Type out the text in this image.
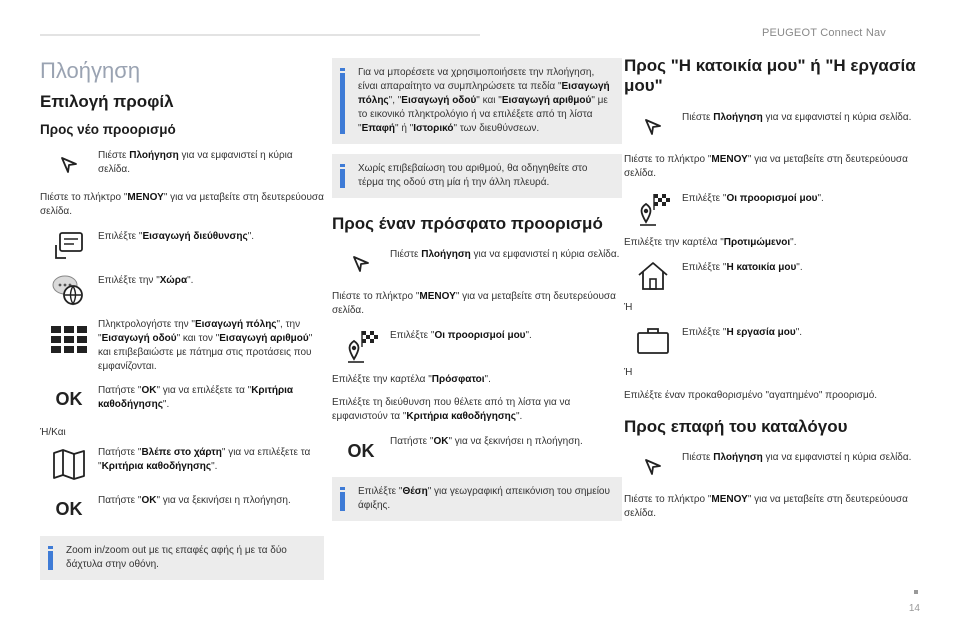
PEUGEOT Connect Nav
Πλοήγηση
Επιλογή προφίλ
Προς νέο προορισμό
Πιέστε Πλοήγηση για να εμφανιστεί η κύρια σελίδα.
Πιέστε το πλήκτρο "ΜΕΝΟΥ" για να μεταβείτε στη δευτερεύουσα σελίδα.
Επιλέξτε "Εισαγωγή διεύθυνσης".
Επιλέξτε την "Χώρα".
Πληκτρολογήστε την "Εισαγωγή πόλης", την "Εισαγωγή οδού" και τον "Εισαγωγή αριθμού" και επιβεβαιώστε με πάτημα στις προτάσεις που εμφανίζονται.
OK Πατήστε "OK" για να επιλέξετε τα "Κριτήρια καθοδήγησης".
Ή/Και
Πατήστε "Βλέπε στο χάρτη" για να επιλέξετε τα "Κριτήρια καθοδήγησης".
OK Πατήστε "OK" για να ξεκινήσει η πλοήγηση.
Zoom in/zoom out με τις επαφές αφής ή με τα δύο δάχτυλα στην οθόνη.
Για να μπορέσετε να χρησιμοποιήσετε την πλοήγηση, είναι απαραίτητο να συμπληρώσετε τα πεδία "Εισαγωγή πόλης", "Εισαγωγή οδού" και "Εισαγωγή αριθμού" με το εικονικό πληκτρολόγιο ή να επιλέξετε από τη λίστα "Επαφή" ή "Ιστορικό" των διευθύνσεων.
Χωρίς επιβεβαίωση του αριθμού, θα οδηγηθείτε στο τέρμα της οδού στη μία ή την άλλη πλευρά.
Προς έναν πρόσφατο προορισμό
Πιέστε Πλοήγηση για να εμφανιστεί η κύρια σελίδα.
Πιέστε το πλήκτρο "ΜΕΝΟΥ" για να μεταβείτε στη δευτερεύουσα σελίδα.
Επιλέξτε "Οι προορισμοί μου".
Επιλέξτε την καρτέλα "Πρόσφατοι".
Επιλέξτε τη διεύθυνση που θέλετε από τη λίστα για να εμφανιστούν τα "Κριτήρια καθοδήγησης".
OK Πατήστε "OK" για να ξεκινήσει η πλοήγηση.
Επιλέξτε "Θέση" για γεωγραφική απεικόνιση του σημείου άφιξης.
Προς "Η κατοικία μου" ή "Η εργασία μου"
Πιέστε Πλοήγηση για να εμφανιστεί η κύρια σελίδα.
Πιέστε το πλήκτρο "ΜΕΝΟΥ" για να μεταβείτε στη δευτερεύουσα σελίδα.
Επιλέξτε "Οι προορισμοί μου".
Επιλέξτε την καρτέλα "Προτιμώμενοι".
Επιλέξτε "Η κατοικία μου".
Ή
Επιλέξτε "Η εργασία μου".
Ή
Επιλέξτε έναν προκαθορισμένο "αγαπημένο" προορισμό.
Προς επαφή του καταλόγου
Πιέστε Πλοήγηση για να εμφανιστεί η κύρια σελίδα.
Πιέστε το πλήκτρο "ΜΕΝΟΥ" για να μεταβείτε στη δευτερεύουσα σελίδα.
14
